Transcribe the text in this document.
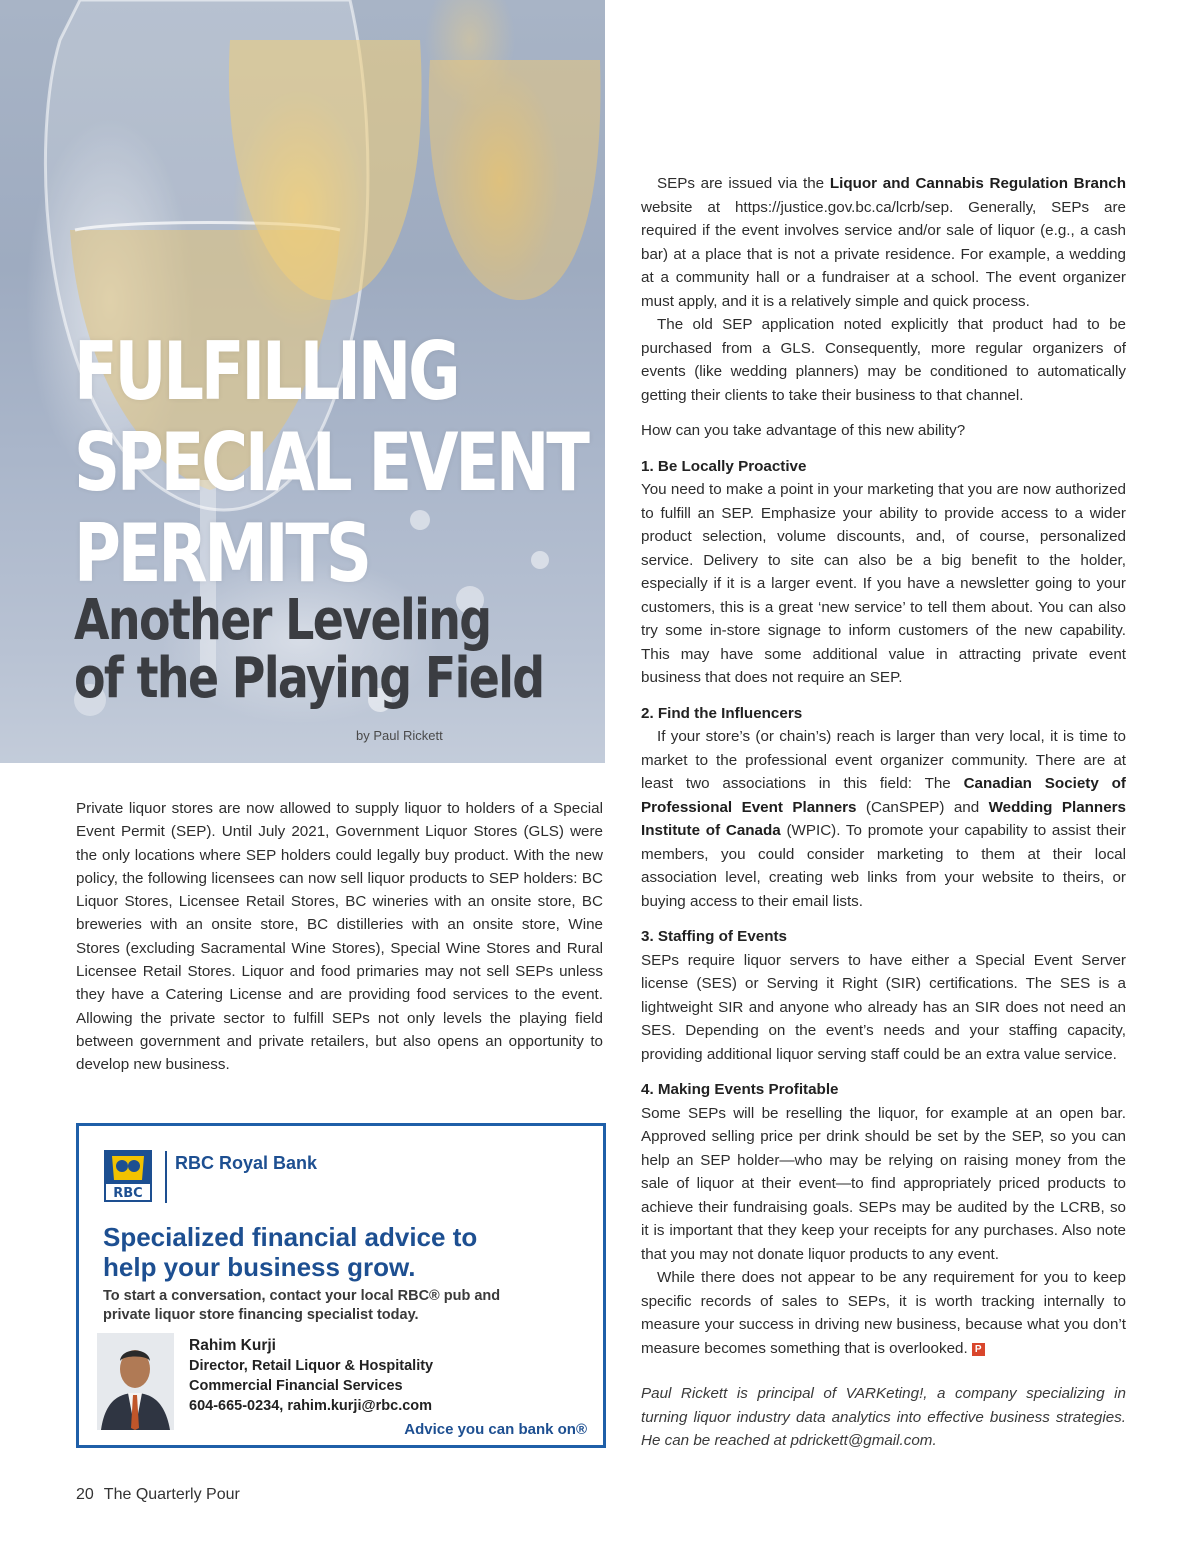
FULFILLING
SPECIAL EVENT
PERMITS
Another Leveling
of the Playing Field
by Paul Rickett

Private liquor stores are now allowed to supply liquor to holders of a Special Event Permit (SEP). Until July 2021, Government Liquor Stores (GLS) were the only locations where SEP holders could legally buy product. With the new policy, the following licensees can now sell liquor products to SEP holders: BC Liquor Stores, Licensee Retail Stores, BC wineries with an onsite store, BC breweries with an onsite store, BC distilleries with an onsite store, Wine Stores (excluding Sacramental Wine Stores), Special Wine Stores and Rural Licensee Retail Stores. Liquor and food primaries may not sell SEPs unless they have a Catering License and are providing food services to the event. Allowing the private sector to fulfill SEPs not only levels the playing field between government and private retailers, but also opens an opportunity to develop new business.

RBC
RBC Royal Bank
Specialized financial advice to
help your business grow.
To start a conversation, contact your local RBC® pub and
private liquor store financing specialist today.
Rahim Kurji
Director, Retail Liquor & Hospitality
Commercial Financial Services
604-665-0234, rahim.kurji@rbc.com
Advice you can bank on®

SEPs are issued via the Liquor and Cannabis Regulation Branch website at https://justice.gov.bc.ca/lcrb/sep. Generally, SEPs are required if the event involves service and/or sale of liquor (e.g., a cash bar) at a place that is not a private residence. For example, a wedding at a community hall or a fundraiser at a school. The event organizer must apply, and it is a relatively simple and quick process.

The old SEP application noted explicitly that product had to be purchased from a GLS. Consequently, more regular organizers of events (like wedding planners) may be conditioned to automatically getting their clients to take their business to that channel.

How can you take advantage of this new ability?

1. Be Locally Proactive

You need to make a point in your marketing that you are now authorized to fulfill an SEP. Emphasize your ability to provide access to a wider product selection, volume discounts, and, of course, personalized service. Delivery to site can also be a big benefit to the holder, especially if it is a larger event. If you have a newsletter going to your customers, this is a great ‘new service’ to tell them about. You can also try some in-store signage to inform customers of the new capability. This may have some additional value in attracting private event business that does not require an SEP.

2. Find the Influencers

If your store’s (or chain’s) reach is larger than very local, it is time to market to the professional event organizer community. There are at least two associations in this field: The Canadian Society of Professional Event Planners (CanSPEP) and Wedding Planners Institute of Canada (WPIC). To promote your capability to assist their members, you could consider marketing to them at their local association level, creating web links from your website to theirs, or buying access to their email lists.

3. Staffing of Events

SEPs require liquor servers to have either a Special Event Server license (SES) or Serving it Right (SIR) certifications. The SES is a lightweight SIR and anyone who already has an SIR does not need an SES. Depending on the event’s needs and your staffing capacity, providing additional liquor serving staff could be an extra value service.

4. Making Events Profitable

Some SEPs will be reselling the liquor, for example at an open bar. Approved selling price per drink should be set by the SEP, so you can help an SEP holder—who may be relying on raising money from the sale of liquor at their event—to find appropriately priced products to achieve their fundraising goals. SEPs may be audited by the LCRB, so it is important that they keep your receipts for any purchases. Also note that you may not donate liquor products to any event.

While there does not appear to be any requirement for you to keep specific records of sales to SEPs, it is worth tracking internally to measure your success in driving new business, because what you don’t measure becomes something that is overlooked. P

Paul Rickett is principal of VARKeting!, a company specializing in turning liquor industry data analytics into effective business strategies. He can be reached at pdrickett@gmail.com.

20 The Quarterly Pour
